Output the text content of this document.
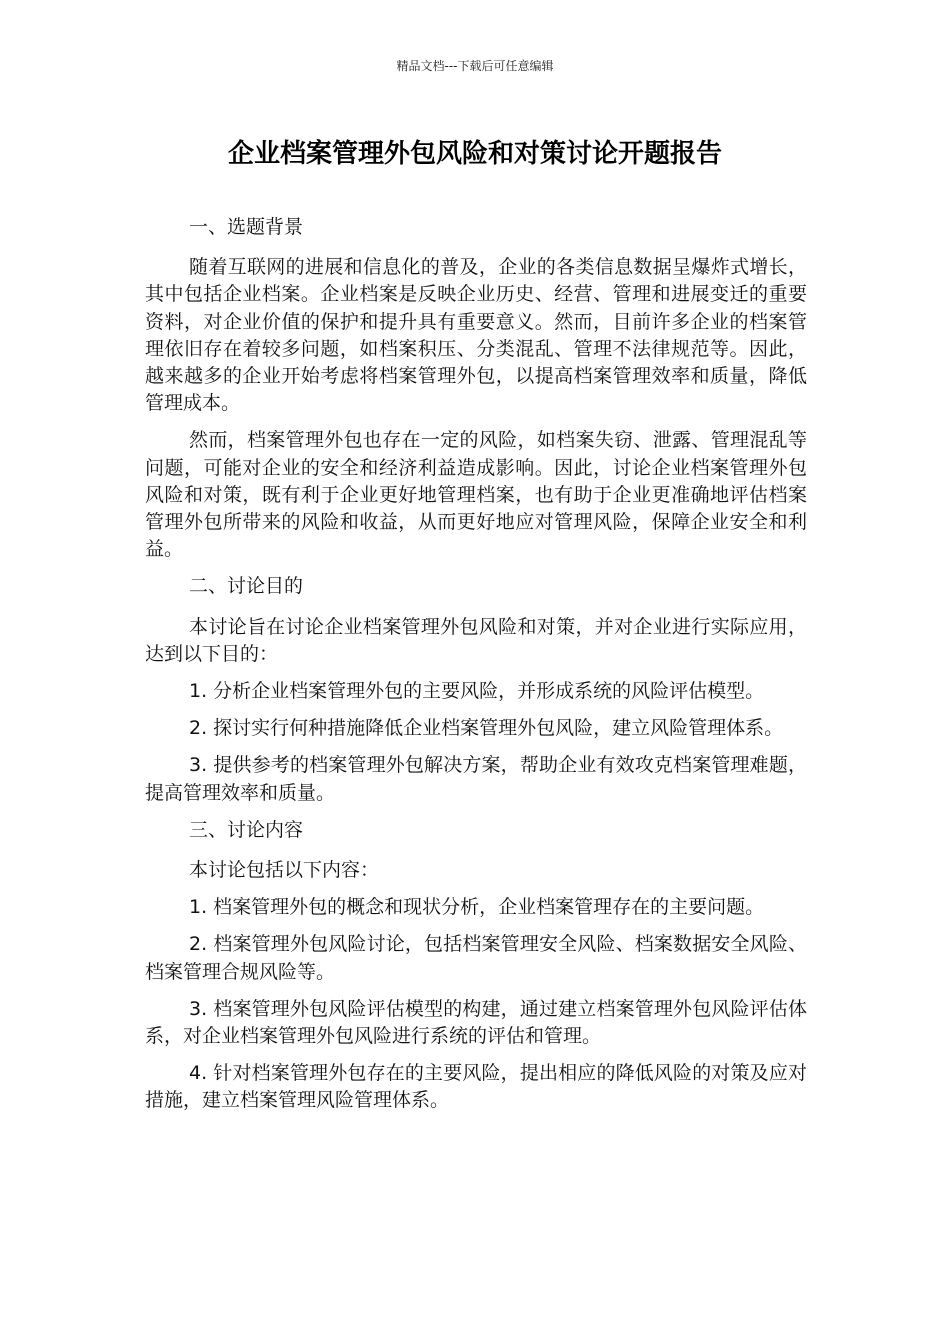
精品文档---下载后可任意编辑
企业档案管理外包风险和对策讨论开题报告

一、选题背景

随着互联网的进展和信息化的普及，企业的各类信息数据呈爆炸式增长，其中包括企业档案。企业档案是反映企业历史、经营、管理和进展变迁的重要资料，对企业价值的保护和提升具有重要意义。然而，目前许多企业的档案管理依旧存在着较多问题，如档案积压、分类混乱、管理不法律规范等。因此，越来越多的企业开始考虑将档案管理外包，以提高档案管理效率和质量，降低管理成本。

然而，档案管理外包也存在一定的风险，如档案失窃、泄露、管理混乱等问题，可能对企业的安全和经济利益造成影响。因此，讨论企业档案管理外包风险和对策，既有利于企业更好地管理档案，也有助于企业更准确地评估档案管理外包所带来的风险和收益，从而更好地应对管理风险，保障企业安全和利益。

二、讨论目的

本讨论旨在讨论企业档案管理外包风险和对策，并对企业进行实际应用，达到以下目的：

1. 分析企业档案管理外包的主要风险，并形成系统的风险评估模型。

2. 探讨实行何种措施降低企业档案管理外包风险，建立风险管理体系。

3. 提供参考的档案管理外包解决方案，帮助企业有效攻克档案管理难题，提高管理效率和质量。

三、讨论内容

本讨论包括以下内容：

1. 档案管理外包的概念和现状分析，企业档案管理存在的主要问题。

2. 档案管理外包风险讨论，包括档案管理安全风险、档案数据安全风险、档案管理合规风险等。

3. 档案管理外包风险评估模型的构建，通过建立档案管理外包风险评估体系，对企业档案管理外包风险进行系统的评估和管理。

4. 针对档案管理外包存在的主要风险，提出相应的降低风险的对策及应对措施，建立档案管理风险管理体系。
